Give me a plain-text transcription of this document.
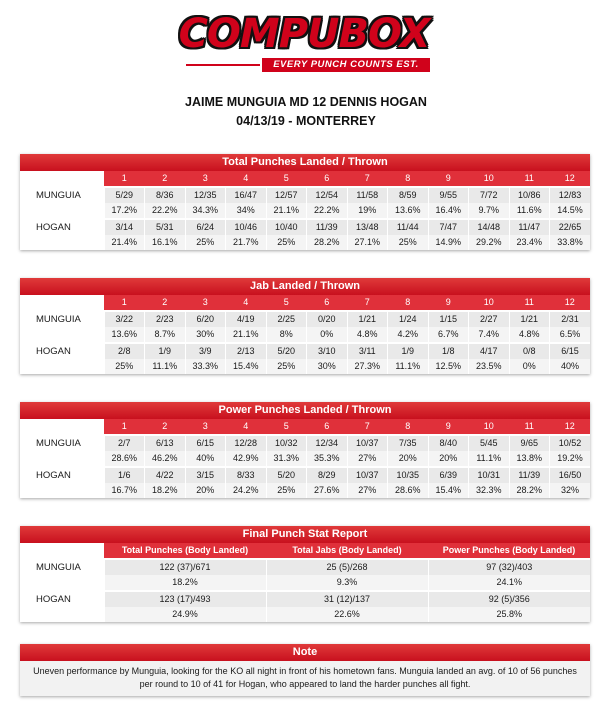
COMPUBOX
EVERY PUNCH COUNTS EST. 1985
JAIME MUNGUIA MD 12 DENNIS HOGAN
04/13/19 - MONTERREY
Total Punches Landed / Thrown
	1	2	3	4	5	6	7	8	9	10	11	12
MUNGUIA	5/29	8/36	12/35	16/47	12/57	12/54	11/58	8/59	9/55	7/72	10/86	12/83
	17.2%	22.2%	34.3%	34%	21.1%	22.2%	19%	13.6%	16.4%	9.7%	11.6%	14.5%
HOGAN	3/14	5/31	6/24	10/46	10/40	11/39	13/48	11/44	7/47	14/48	11/47	22/65
	21.4%	16.1%	25%	21.7%	25%	28.2%	27.1%	25%	14.9%	29.2%	23.4%	33.8%
Jab Landed / Thrown
	1	2	3	4	5	6	7	8	9	10	11	12
MUNGUIA	3/22	2/23	6/20	4/19	2/25	0/20	1/21	1/24	1/15	2/27	1/21	2/31
	13.6%	8.7%	30%	21.1%	8%	0%	4.8%	4.2%	6.7%	7.4%	4.8%	6.5%
HOGAN	2/8	1/9	3/9	2/13	5/20	3/10	3/11	1/9	1/8	4/17	0/8	6/15
	25%	11.1%	33.3%	15.4%	25%	30%	27.3%	11.1%	12.5%	23.5%	0%	40%
Power Punches Landed / Thrown
	1	2	3	4	5	6	7	8	9	10	11	12
MUNGUIA	2/7	6/13	6/15	12/28	10/32	12/34	10/37	7/35	8/40	5/45	9/65	10/52
	28.6%	46.2%	40%	42.9%	31.3%	35.3%	27%	20%	20%	11.1%	13.8%	19.2%
HOGAN	1/6	4/22	3/15	8/33	5/20	8/29	10/37	10/35	6/39	10/31	11/39	16/50
	16.7%	18.2%	20%	24.2%	25%	27.6%	27%	28.6%	15.4%	32.3%	28.2%	32%
Final Punch Stat Report
	Total Punches (Body Landed)	Total Jabs (Body Landed)	Power Punches (Body Landed)
MUNGUIA	122 (37)/671	25 (5)/268	97 (32)/403
	18.2%	9.3%	24.1%
HOGAN	123 (17)/493	31 (12)/137	92 (5)/356
	24.9%	22.6%	25.8%
Note
Uneven performance by Munguia, looking for the KO all night in front of his hometown fans. Munguia landed an avg. of 10 of 56 punches per round to 10 of 41 for Hogan, who appeared to land the harder punches all fight.
